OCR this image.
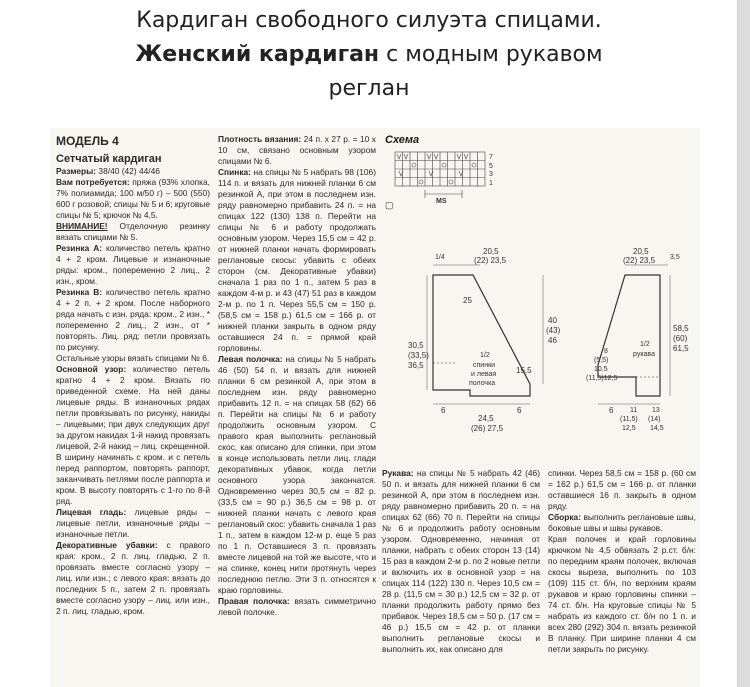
Кардиган свободного силуэта спицами.
Женский кардиган с модным рукавом
реглан

МОДЕЛЬ 4

Сетчатый кардиган

Размеры: 38/40 (42) 44/46

Вам потребуется: пряжа (93% хлопка, 7% полиамида; 100 м/50 г) – 500 (550) 600 г розовой; спицы № 5 и 6; круговые спицы № 5; крючок № 4,5.

ВНИМАНИЕ! Отделочную резинку вязать спицами № 5.

Резинка А: количество петель кратно 4 + 2 кром. Лицевые и изнаночные ряды: кром., попеременно 2 лиц., 2 изн., кром.

Резинка B: количество петель кратно 4 + 2 п. + 2 кром. После наборного ряда начать с изн. ряда: кром., 2 изн., * попеременно 2 лиц., 2 изн., от * повторять. Лиц. ряд: петли провязать по рисунку.

Остальные узоры вязать спицами № 6.

Основной узор: количество петель кратно 4 + 2 кром. Вязать по приведенной схеме. На ней даны лицевые ряды. В изнаночных рядах петли провязывать по рисунку, накиды – лицевыми; при двух следующих друг за другом накидах 1-й накид провязать лицевой, 2-й накид – лиц. скрещенной. В ширину начинать с кром. и с петель перед раппортом, повторять раппорт, заканчивать петлями после раппорта и кром. В высоту повторять с 1-го по 8-й ряд.

Лицевая гладь: лицевые ряды – лицевые петли, изнаночные ряды – изнаночные петли.

Декоративные убавки: с правого края: кром., 2 п. лиц. гладью, 2 п. провязать вместе согласно узору – лиц. или изн.; с левого края: вязать до последних 5 п., затем 2 п. провязать вместе согласно узору – лиц. или изн., 2 п. лиц. гладью, кром.

Плотность вязания: 24 п. x 27 р. = 10 x 10 см, связано основным узором спицами № 6.

Спинка: на спицы № 5 набрать 98 (106) 114 п. и вязать для нижней планки 6 см резинкой А, при этом в последнем изн. ряду равномерно прибавить 24 п. = на спицах 122 (130) 138 п. Перейти на спицы № 6 и работу продолжать основным узором. Через 15,5 см = 42 р. от нижней планки начать формировать реглановые скосы: убавить с обеих сторон (см. Декоративные убавки) сначала 1 раз по 1 п., затем 5 раз в каждом 4-м р. и 43 (47) 51 раз в каждом 2-м р. по 1 п. Через 55,5 см = 150 р. (58,5 см = 158 р.) 61,5 см = 166 р. от нижней планки закрыть в одном ряду оставшиеся 24 п. = прямой край горловины.

Левая полочка: на спицы № 5 набрать 46 (50) 54 п. и вязать для нижней планки 6 см резинкой А, при этом в последнем изн. ряду равномерно прибавить 12 п. = на спицах 58 (62) 66 п. Перейти на спицы № 6 и работу продолжить основным узором. С правого края выполнить реглановый скос, как описано для спинки, при этом в конце использовать петли лиц. глади декоративных убавок, когда петли основного узора закончатся. Одновременно через 30,5 см = 82 р. (33,5 см = 90 р.) 36,5 см = 98 р. от нижней планки начать с левого края реглановый скос: убавить сначала 1 раз 1 п., затем в каждом 12-м р. еще 5 раз по 1 п. Оставшиеся 3 п. провязать вместе лицевой на той же высоте, что и на спинке, конец нити протянуть через последнюю петлю. Эти 3 п. относятся к краю горловины.

Правая полочка: вязать симметрично левой полочке.

Схема
7
5
3
1
MS
▢
1/4
20,5
(22) 23,5
25
30,5
(33,5)
36,5
40
(43)
46
1/2
спинки
и левая
полочка
15,5
6
6
24,5
(26) 27,5
3,5
20,5
(22) 23,5
58,5
(60)
61,5
1/2
рукава
8
(5,5)
10,5
(11,5)12,5
6 11 13
(11,5) (14)
12,5 14,5

Рукава: на спицы № 5 набрать 42 (46) 50 п. и вязать для нижней планки 6 см резинкой А, при этом в последнем изн. ряду равномерно прибавить 20 п. = на спицах 62 (66) 70 п. Перейти на спицы № 6 и продолжить работу основным узором. Одновременно, начиная от планки, набрать с обеих сторон 13 (14) 15 раз в каждом 2-м р. по 2 новые петли и включить их в основной узор = на спицах 114 (122) 130 п. Через 10,5 см = 28 р. (11,5 см = 30 р.) 12,5 см = 32 р. от планки продолжить работу прямо без прибавок. Через 18,5 см = 50 р. (17 см = 46 р.) 15,5 см = 42 р. от планки выполнить реглановые скосы и выполнить их, как описано для

спинки. Через 58,5 см = 158 р. (60 см = 162 р.) 61,5 см = 166 р. от планки оставшиеся 16 п. закрыть в одном ряду.

Сборка: выполнить реглановые швы, боковые швы и швы рукавов.

Края полочек и край горловины крючком № 4,5 обвязать 2 р.ст. б/н: по передним краям полочек, включая скосы выреза, выполнить по 103 (109) 115 ст. б/н, по верхним краям рукавов и краю горловины спинки – 74 ст. б/н. На круговые спицы № 5 набрать из каждого ст. б/н по 1 п. и всех 280 (292) 304 п. вязать резинкой В планку. При ширине планки 4 см петли закрыть по рисунку.
